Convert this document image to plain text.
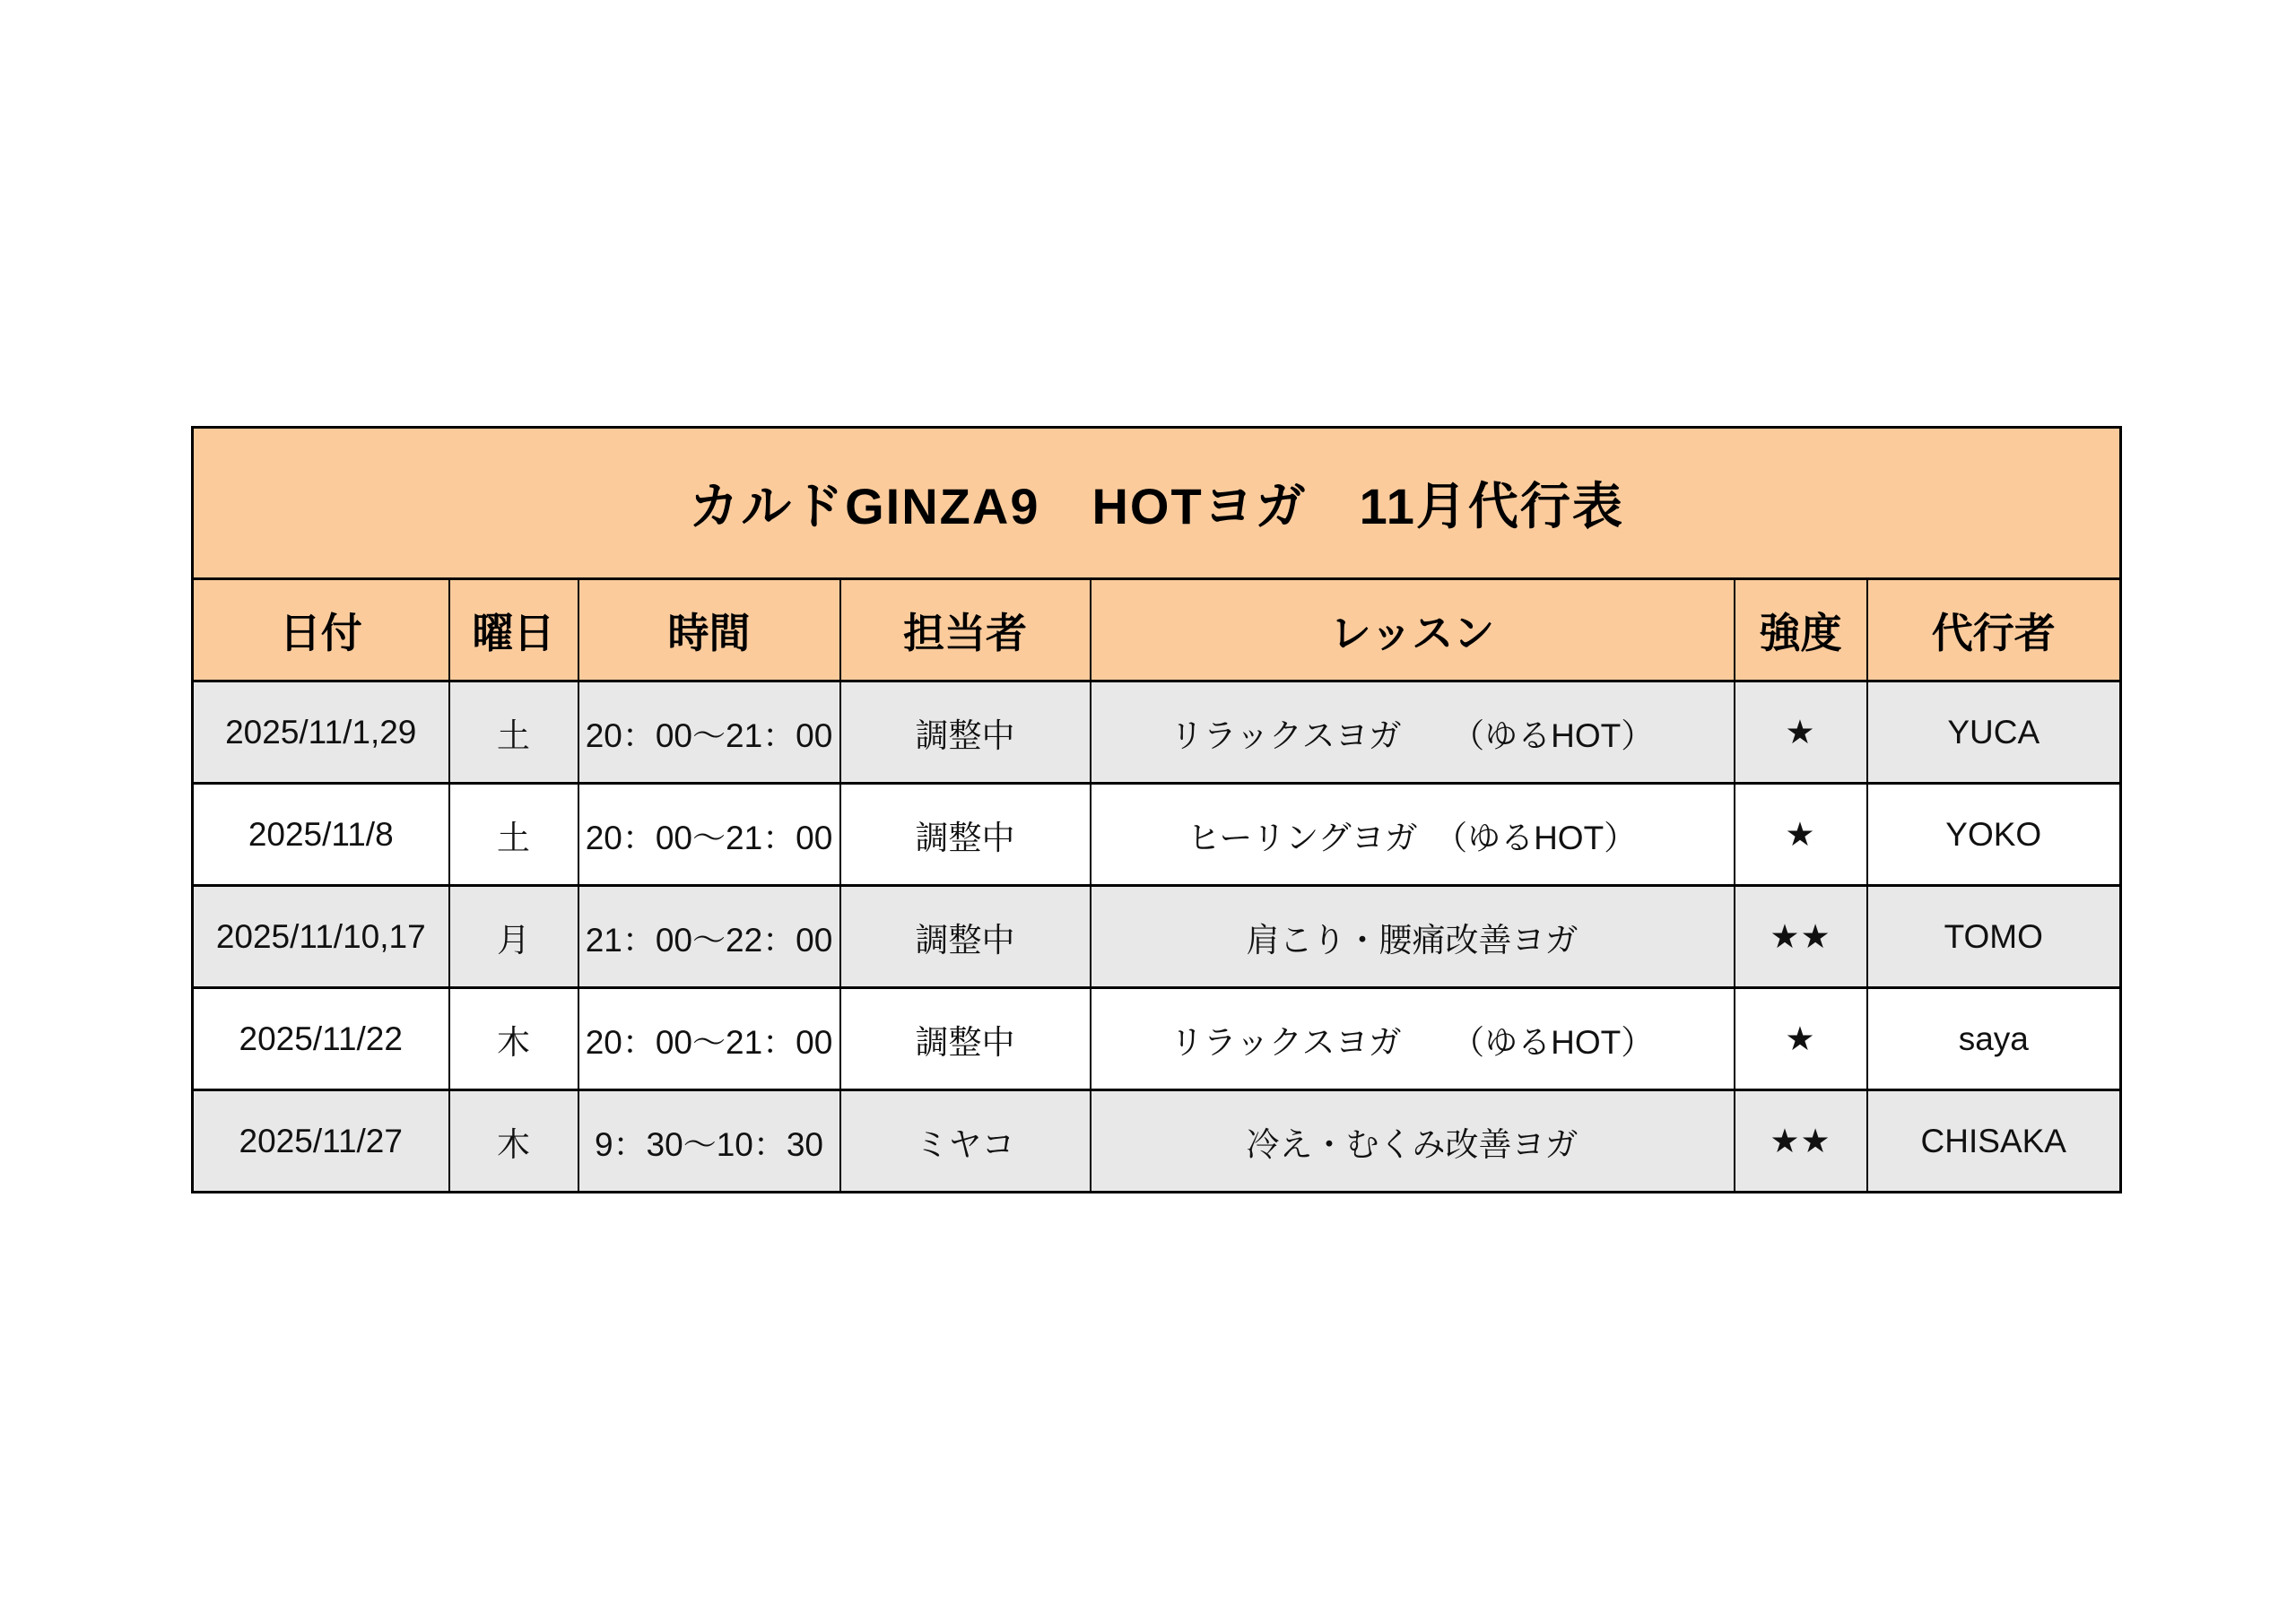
カルドGINZA9　HOTヨガ　11月代行表						
日付	曜日	時間	担当者	レッスン	強度	代行者
2025/11/1,29	土	20：00～21：00	調整中	リラックスヨガ　　（ゆるHOT）	★	YUCA
2025/11/8	土	20：00～21：00	調整中	ヒーリングヨガ　（ゆるHOT）	★	YOKO
2025/11/10,17	月	21：00～22：00	調整中	肩こり・腰痛改善ヨガ	★★	TOMO
2025/11/22	木	20：00～21：00	調整中	リラックスヨガ　　（ゆるHOT）	★	saya
2025/11/27	木	9：30～10：30	ミヤコ	冷え・むくみ改善ヨガ	★★	CHISAKA
